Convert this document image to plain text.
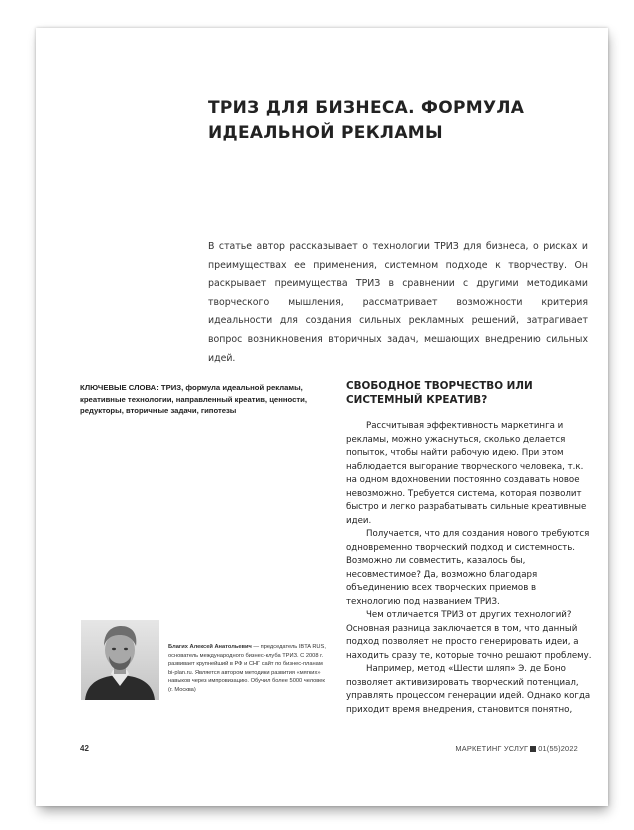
ТРИЗ ДЛЯ БИЗНЕСА. ФОРМУЛА ИДЕАЛЬНОЙ РЕКЛАМЫ

В статье автор рассказывает о технологии ТРИЗ для бизнеса, о рисках и преимуществах ее применения, системном подходе к творчеству. Он раскрывает преимущества ТРИЗ в сравнении с другими методиками творческого мышления, рассматривает возможности критерия идеальности для создания сильных рекламных решений, затрагивает вопрос возникновения вторичных задач, мешающих внедрению сильных идей.

КЛЮЧЕВЫЕ СЛОВА: ТРИЗ, формула идеальной рекламы, креативные технологии, направленный креатив, ценности, редукторы, вторичные задачи, гипотезы

СВОБОДНОЕ ТВОРЧЕСТВО ИЛИ СИСТЕМНЫЙ КРЕАТИВ?

Рассчитывая эффективность маркетинга и рекламы, можно ужаснуться, сколько делается попыток, чтобы найти рабочую идею. При этом наблюдается выгорание творческого человека, т.к. на одном вдохновении постоянно создавать новое невозможно. Требуется система, которая позволит быстро и легко разрабатывать сильные креативные идеи.

Получается, что для создания нового требуются одновременно творческий подход и системность. Возможно ли совместить, казалось бы, несовместимое? Да, возможно благодаря объединению всех творческих приемов в технологию под названием ТРИЗ.

Чем отличается ТРИЗ от других технологий? Основная разница заключается в том, что данный подход позволяет не просто генерировать идеи, а находить сразу те, которые точно решают проблему.

Например, метод «Шести шляп» Э. де Боно позволяет активизировать творческий потенциал, управлять процессом генерации идей. Однако когда приходит время внедрения, становится понятно,

Благих Алексей Анатольевич — председатель IBTA RUS, основатель международного бизнес-клуба ТРИЗ. С 2008 г. развивает крупнейший в РФ и СНГ сайт по бизнес-планам bi-plan.ru. Является автором методики развития «мягких» навыков через импровизацию. Обучил более 5000 человек (г. Москва)

42	МАРКЕТИНГ УСЛУГ 01(55)2022
